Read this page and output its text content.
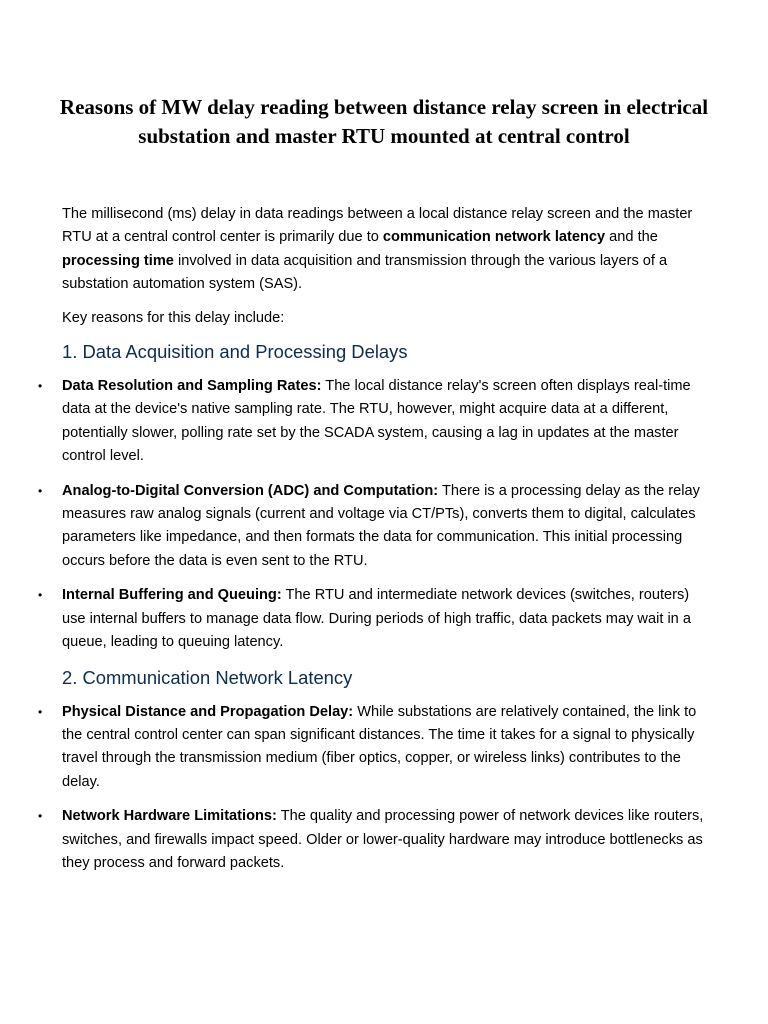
Reasons of MW delay reading between distance relay screen in electrical substation and master RTU mounted at central control

The millisecond (ms) delay in data readings between a local distance relay screen and the master RTU at a central control center is primarily due to communication network latency and the processing time involved in data acquisition and transmission through the various layers of a substation automation system (SAS).

Key reasons for this delay include:

1. Data Acquisition and Processing Delays
• Data Resolution and Sampling Rates: The local distance relay's screen often displays real-time data at the device's native sampling rate. The RTU, however, might acquire data at a different, potentially slower, polling rate set by the SCADA system, causing a lag in updates at the master control level.
• Analog-to-Digital Conversion (ADC) and Computation: There is a processing delay as the relay measures raw analog signals (current and voltage via CT/PTs), converts them to digital, calculates parameters like impedance, and then formats the data for communication. This initial processing occurs before the data is even sent to the RTU.
• Internal Buffering and Queuing: The RTU and intermediate network devices (switches, routers) use internal buffers to manage data flow. During periods of high traffic, data packets may wait in a queue, leading to queuing latency.
2. Communication Network Latency
• Physical Distance and Propagation Delay: While substations are relatively contained, the link to the central control center can span significant distances. The time it takes for a signal to physically travel through the transmission medium (fiber optics, copper, or wireless links) contributes to the delay.
• Network Hardware Limitations: The quality and processing power of network devices like routers, switches, and firewalls impact speed. Older or lower-quality hardware may introduce bottlenecks as they process and forward packets.
